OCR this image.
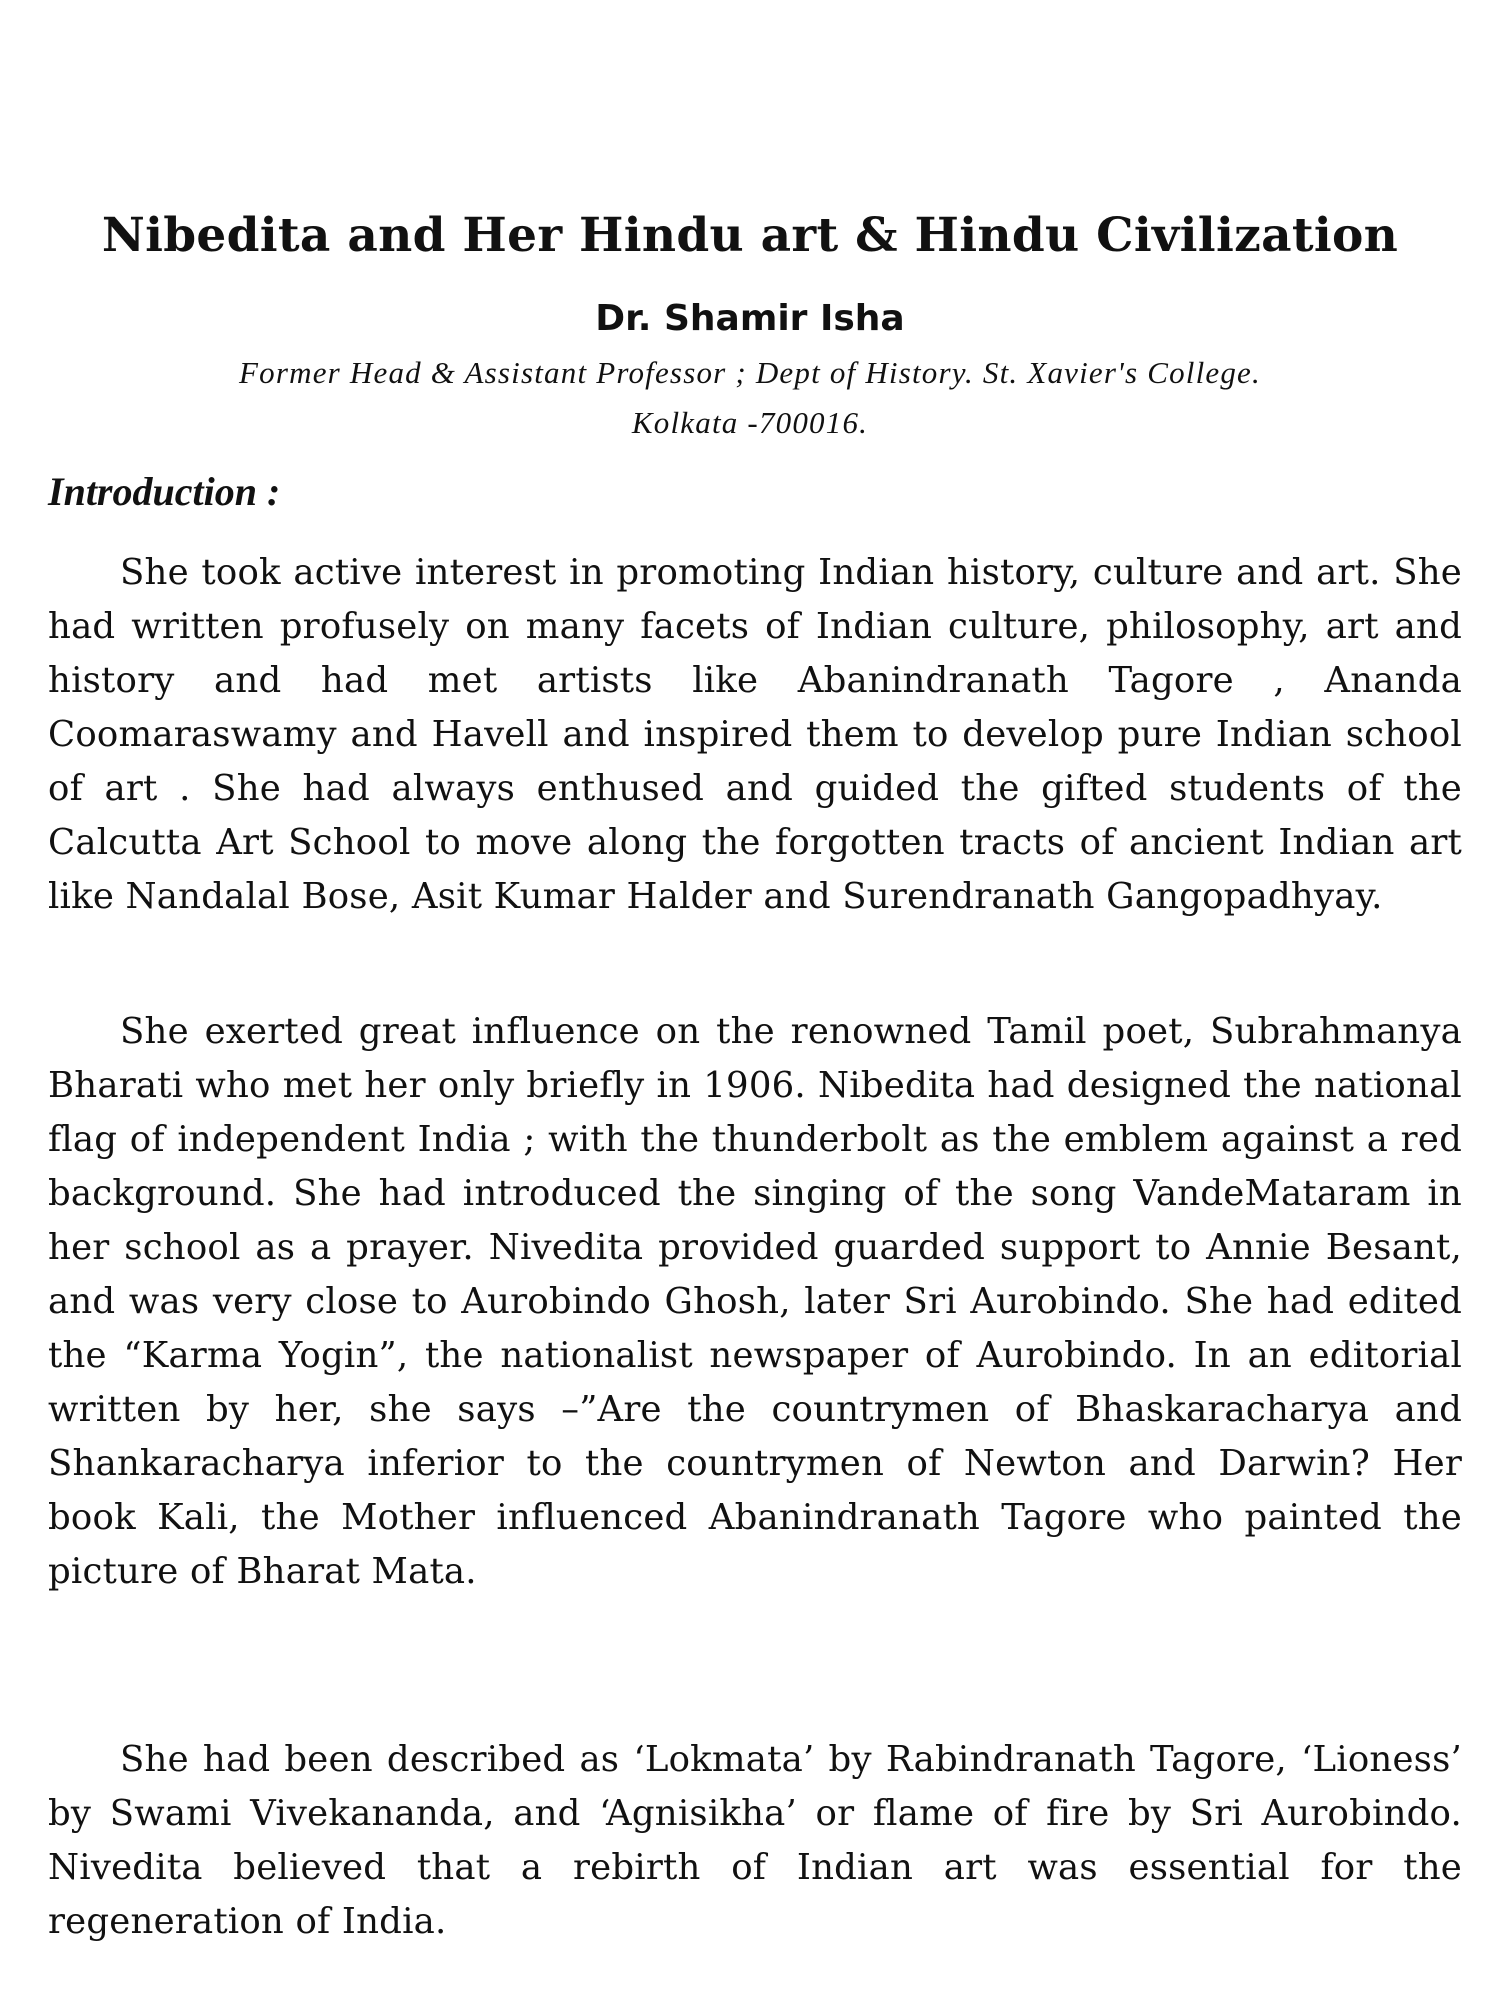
Nibedita and Her Hindu art & Hindu Civilization
Dr. Shamir Isha

Former Head & Assistant Professor ; Dept of History. St. Xavier's College.

Kolkata -700016.

Introduction :

She took active interest in promoting Indian history, culture and art. She had written profusely on many facets of Indian culture, philosophy, art and history and had met artists like Abanindranath Tagore , Ananda Coomaraswamy and Havell and inspired them to develop pure Indian school of art . She had always enthused and guided the gifted students of the Calcutta Art School to move along the forgotten tracts of ancient Indian art like Nandalal Bose, Asit Kumar Halder and Surendranath Gangopadhyay.

She exerted great influence on the renowned Tamil poet, Subrahmanya Bharati who met her only briefly in 1906. Nibedita had designed the national flag of independent India ; with the thunderbolt as the emblem against a red background. She had introduced the singing of the song VandeMataram in her school as a prayer. Nivedita provided guarded support to Annie Besant, and was very close to Aurobindo Ghosh, later Sri Aurobindo. She had edited the “Karma Yogin”, the nationalist newspaper of Aurobindo. In an editorial written by her, she says –”Are the countrymen of Bhaskaracharya and Shankaracharya inferior to the countrymen of Newton and Darwin? Her book Kali, the Mother influenced Abanindranath Tagore who painted the picture of Bharat Mata.

She had been described as ‘Lokmata’ by Rabindranath Tagore, ‘Lioness’ by Swami Vivekananda, and ‘Agnisikha’ or flame of fire by Sri Aurobindo. Nivedita believed that a rebirth of Indian art was essential for the regeneration of India.
